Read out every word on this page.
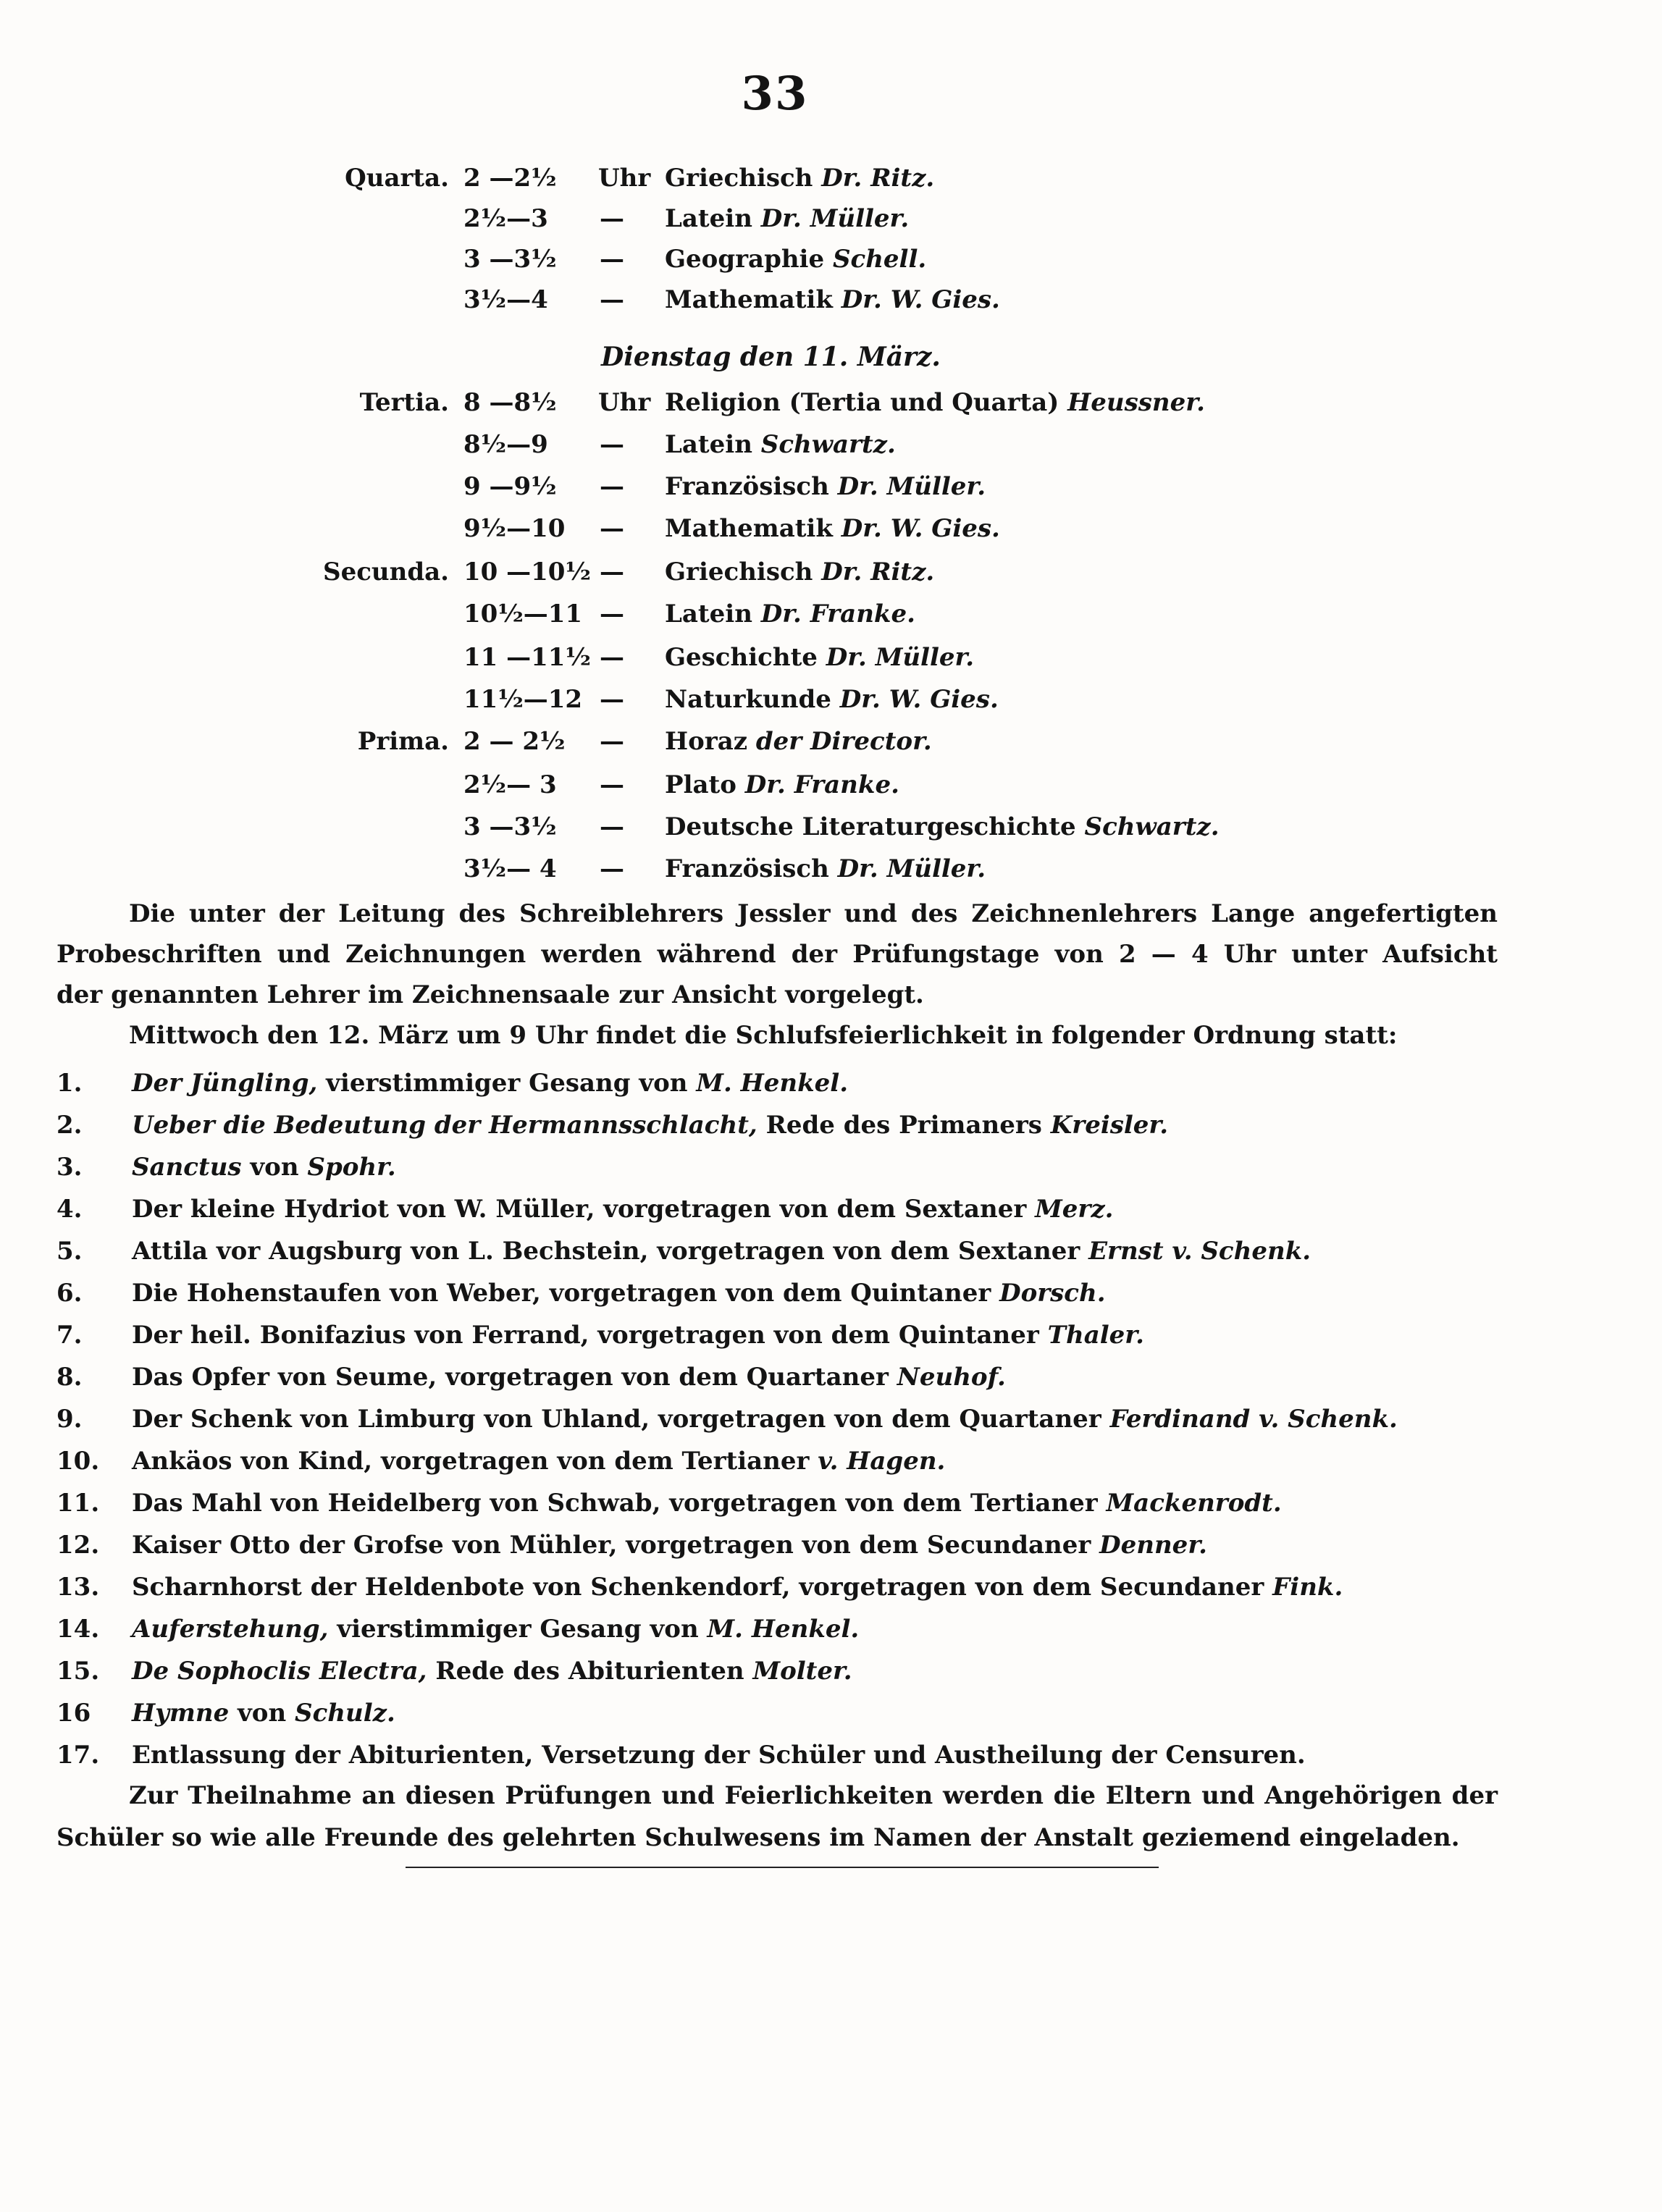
33
Quarta. 2 —2½ Uhr Griechisch Dr. Ritz.
2½—3 — Latein Dr. Müller.
3 —3½ — Geographie Schell.
3½—4 — Mathematik Dr. W. Gies.
Dienstag den 11. März.
Tertia. 8 —8½ Uhr Religion (Tertia und Quarta) Heussner.
8½—9 — Latein Schwartz.
9 —9½ — Französisch Dr. Müller.
9½—10 — Mathematik Dr. W. Gies.
Secunda. 10 —10½ — Griechisch Dr. Ritz.
10½—11 — Latein Dr. Franke.
11 —11½ — Geschichte Dr. Müller.
11½—12 — Naturkunde Dr. W. Gies.
Prima. 2 — 2½ — Horaz der Director.
2½— 3 — Plato Dr. Franke.
3 —3½ — Deutsche Literaturgeschichte Schwartz.
3½— 4 — Französisch Dr. Müller.
Die unter der Leitung des Schreiblehrers Jessler und des Zeichnenlehrers Lange angefertigten
Probeschriften und Zeichnungen werden während der Prüfungstage von 2 — 4 Uhr unter Aufsicht
der genannten Lehrer im Zeichnensaale zur Ansicht vorgelegt.
Mittwoch den 12. März um 9 Uhr findet die Schlufsfeierlichkeit in folgender Ordnung statt:
1. Der Jüngling, vierstimmiger Gesang von M. Henkel.
2. Ueber die Bedeutung der Hermannsschlacht, Rede des Primaners Kreisler.
3. Sanctus von Spohr.
4. Der kleine Hydriot von W. Müller, vorgetragen von dem Sextaner Merz.
5. Attila vor Augsburg von L. Bechstein, vorgetragen von dem Sextaner Ernst v. Schenk.
6. Die Hohenstaufen von Weber, vorgetragen von dem Quintaner Dorsch.
7. Der heil. Bonifazius von Ferrand, vorgetragen von dem Quintaner Thaler.
8. Das Opfer von Seume, vorgetragen von dem Quartaner Neuhof.
9. Der Schenk von Limburg von Uhland, vorgetragen von dem Quartaner Ferdinand v. Schenk.
10. Ankäos von Kind, vorgetragen von dem Tertianer v. Hagen.
11. Das Mahl von Heidelberg von Schwab, vorgetragen von dem Tertianer Mackenrodt.
12. Kaiser Otto der Grofse von Mühler, vorgetragen von dem Secundaner Denner.
13. Scharnhorst der Heldenbote von Schenkendorf, vorgetragen von dem Secundaner Fink.
14. Auferstehung, vierstimmiger Gesang von M. Henkel.
15. De Sophoclis Electra, Rede des Abiturienten Molter.
16 Hymne von Schulz.
17. Entlassung der Abiturienten, Versetzung der Schüler und Austheilung der Censuren.
Zur Theilnahme an diesen Prüfungen und Feierlichkeiten werden die Eltern und Angehörigen der
Schüler so wie alle Freunde des gelehrten Schulwesens im Namen der Anstalt geziemend eingeladen.
